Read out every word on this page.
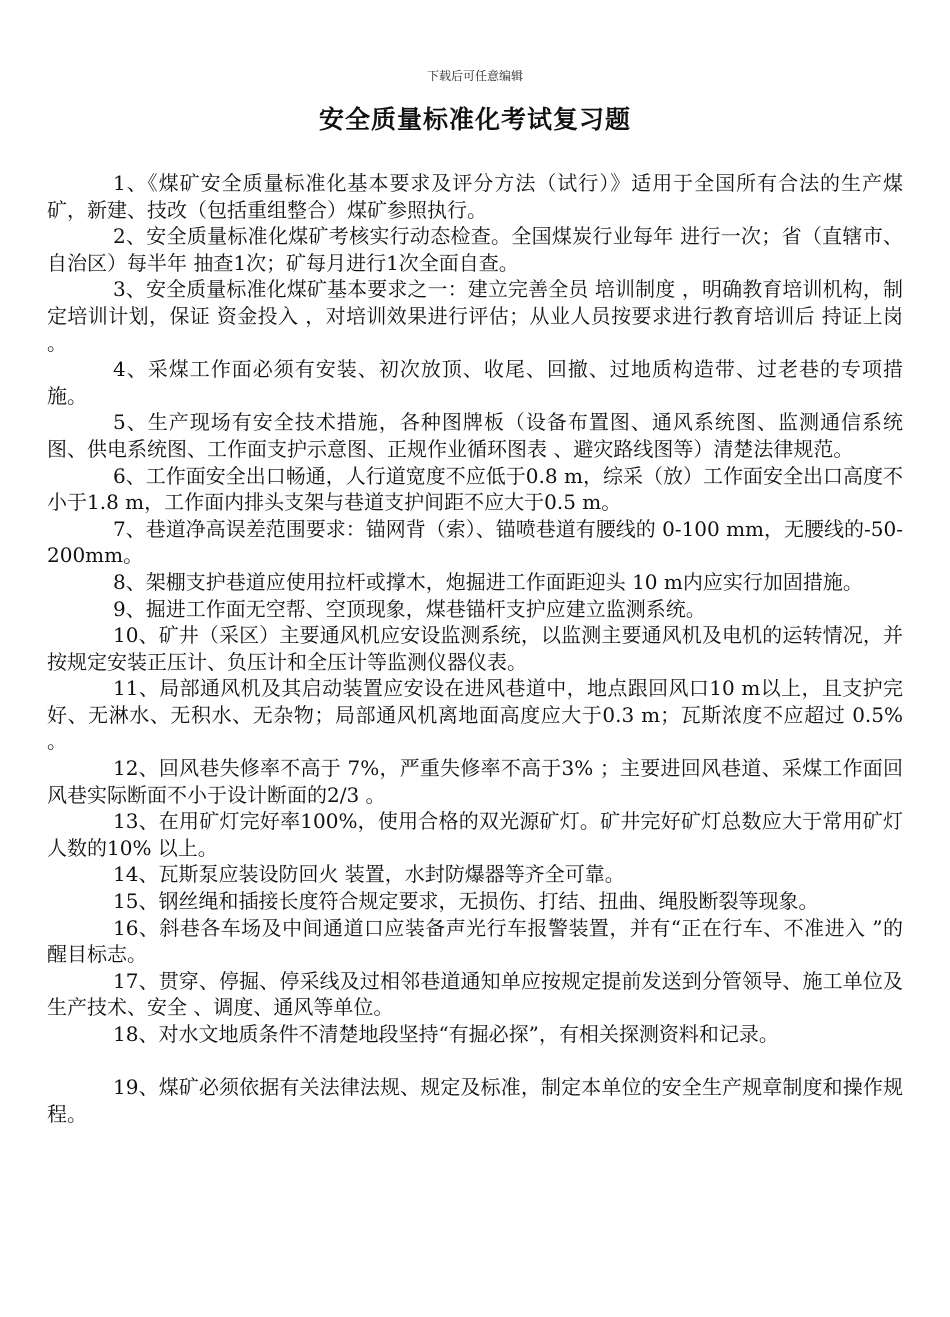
下载后可任意编辑
安全质量标准化考试复习题

1、《煤矿安全质量标准化基本要求及评分方法（试行）》适用于全国所有合法的生产煤矿，新建、技改（包括重组整合）煤矿参照执行。

2、安全质量标准化煤矿考核实行动态检查。全国煤炭行业每年 进行一次；省（直辖市、自治区）每半年 抽查1次；矿每月进行1次全面自查。

3、安全质量标准化煤矿基本要求之一：建立完善全员 培训制度 ，明确教育培训机构，制定培训计划，保证 资金投入 ，对培训效果进行评估；从业人员按要求进行教育培训后 持证上岗 。

4、采煤工作面必须有安装、初次放顶、收尾、回撤、过地质构造带、过老巷的专项措施。

5、生产现场有安全技术措施，各种图牌板（设备布置图、通风系统图、监测通信系统图、供电系统图、工作面支护示意图、正规作业循环图表 、避灾路线图等）清楚法律规范。

6、工作面安全出口畅通，人行道宽度不应低于0.8 m，综采（放）工作面安全出口高度不小于1.8 m，工作面内排头支架与巷道支护间距不应大于0.5 m。

7、巷道净高误差范围要求：锚网背（索）、锚喷巷道有腰线的 0-100 mm，无腰线的-50-200mm。

8、架棚支护巷道应使用拉杆或撑木，炮掘进工作面距迎头 10 m内应实行加固措施。

9、掘进工作面无空帮、空顶现象，煤巷锚杆支护应建立监测系统。

10、矿井（采区）主要通风机应安设监测系统，以监测主要通风机及电机的运转情况，并按规定安装正压计、负压计和全压计等监测仪器仪表。

11、局部通风机及其启动装置应安设在进风巷道中，地点跟回风口10 m以上，且支护完好、无淋水、无积水、无杂物；局部通风机离地面高度应大于0.3 m；瓦斯浓度不应超过 0.5% 。

12、回风巷失修率不高于 7%，严重失修率不高于3% ；主要进回风巷道、采煤工作面回风巷实际断面不小于设计断面的2/3 。

13、在用矿灯完好率100%，使用合格的双光源矿灯。矿井完好矿灯总数应大于常用矿灯人数的10% 以上。

14、瓦斯泵应装设防回火 装置，水封防爆器等齐全可靠。

15、钢丝绳和插接长度符合规定要求，无损伤、打结、扭曲、绳股断裂等现象。

16、斜巷各车场及中间通道口应装备声光行车报警装置，并有“正在行车、不准进入 ”的醒目标志。

17、贯穿、停掘、停采线及过相邻巷道通知单应按规定提前发送到分管领导、施工单位及生产技术、安全 、调度、通风等单位。

18、对水文地质条件不清楚地段坚持“有掘必探”，有相关探测资料和记录。

19、煤矿必须依据有关法律法规、规定及标准，制定本单位的安全生产规章制度和操作规程。
